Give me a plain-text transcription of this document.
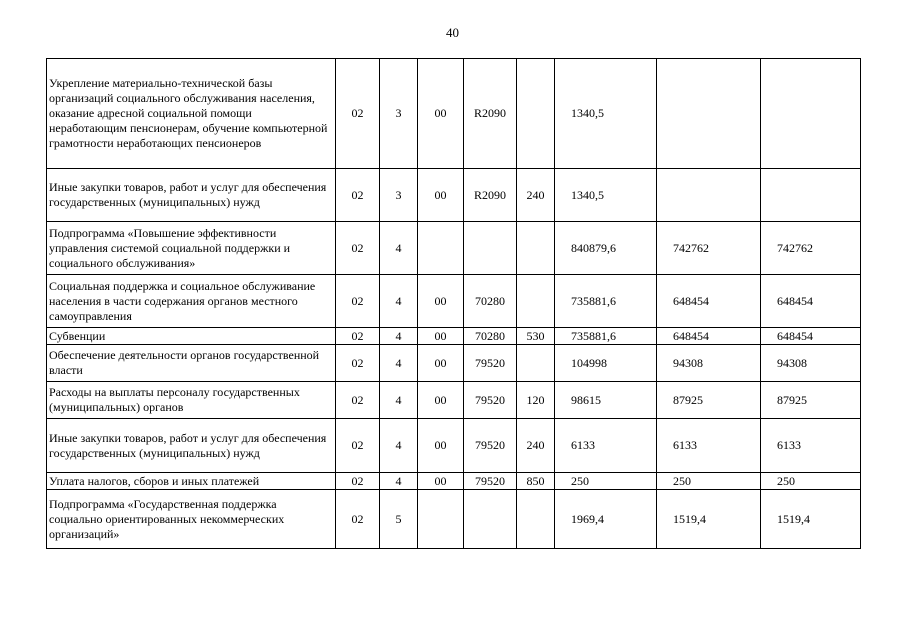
40
Укрепление материально-технической базы организаций социального обслуживания населения, оказание адресной социальной помощи неработающим пенсионерам, обучение компьютерной грамотности неработающих пенсионеров	02	3	00	R2090		1340,5		
Иные закупки товаров, работ и услуг для обеспечения государственных (муниципальных) нужд	02	3	00	R2090	240	1340,5		
Подпрограмма «Повышение эффективности управления системой социальной поддержки и социального обслуживания»	02	4				840879,6	742762	742762
Социальная поддержка и социальное обслуживание населения в части содержания органов местного самоуправления	02	4	00	70280		735881,6	648454	648454
Субвенции	02	4	00	70280	530	735881,6	648454	648454
Обеспечение деятельности органов государственной власти	02	4	00	79520		104998	94308	94308
Расходы на выплаты персоналу государственных (муниципальных) органов	02	4	00	79520	120	98615	87925	87925
Иные закупки товаров, работ и услуг для обеспечения государственных (муниципальных) нужд	02	4	00	79520	240	6133	6133	6133
Уплата налогов, сборов и иных платежей	02	4	00	79520	850	250	250	250
Подпрограмма «Государственная поддержка социально ориентированных некоммерческих организаций»	02	5				1969,4	1519,4	1519,4
